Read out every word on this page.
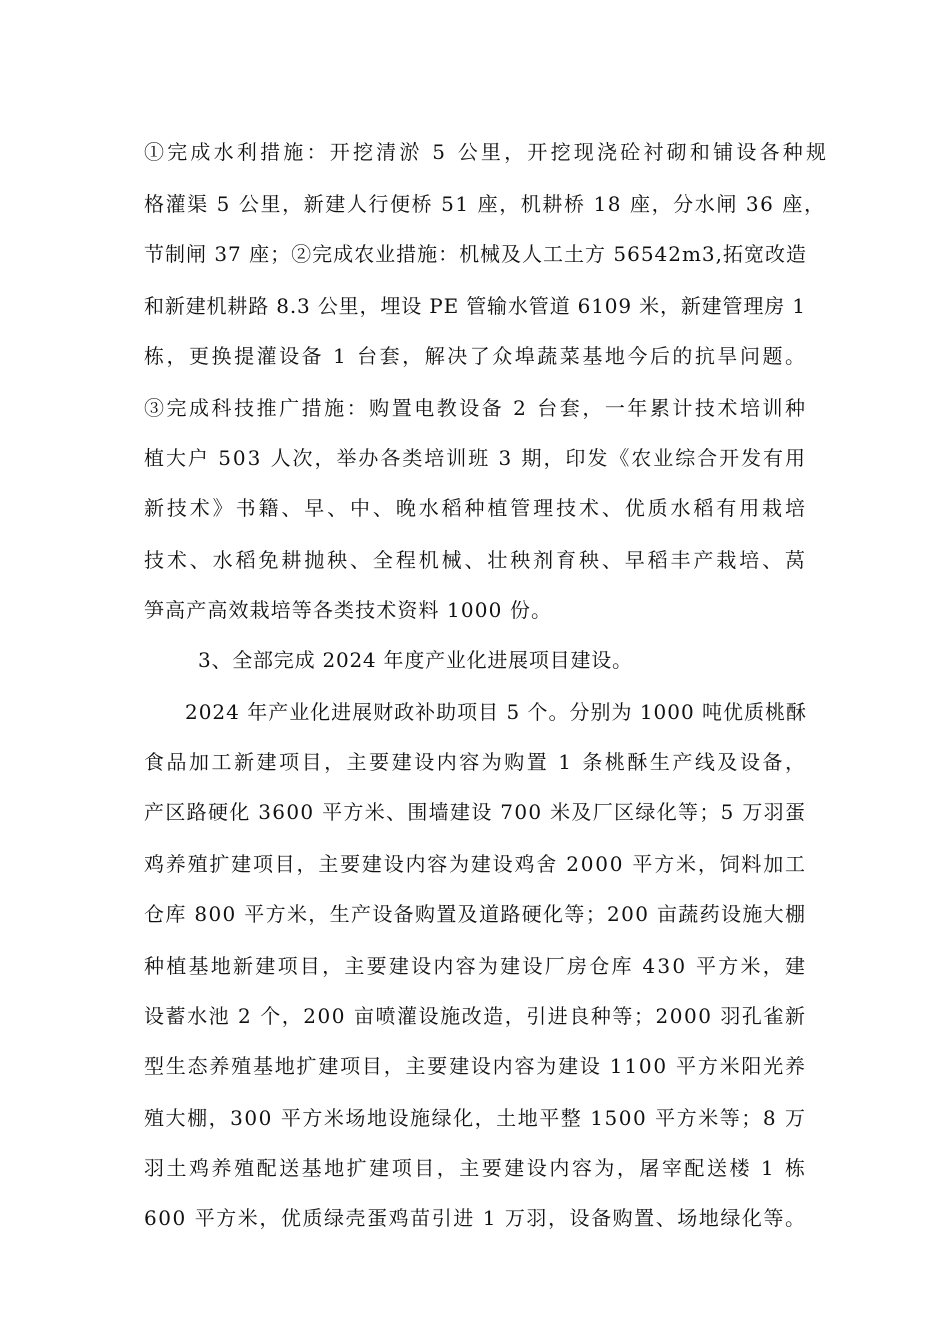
①完成水利措施：开挖清淤 5 公里，开挖现浇砼衬砌和铺设各种规
格灌渠 5 公里，新建人行便桥 51 座，机耕桥 18 座，分水闸 36 座，
节制闸 37 座；②完成农业措施：机械及人工土方 56542m3,拓宽改造
和新建机耕路 8.3 公里，埋设 PE 管输水管道 6109 米，新建管理房 1
栋，更换提灌设备 1 台套，解决了众埠蔬菜基地今后的抗旱问题。
③完成科技推广措施：购置电教设备 2 台套，一年累计技术培训种
植大户 503 人次，举办各类培训班 3 期，印发《农业综合开发有用
新技术》书籍、早、中、晚水稻种植管理技术、优质水稻有用栽培
技术、水稻免耕抛秧、全程机械、壮秧剂育秧、早稻丰产栽培、莴
笋高产高效栽培等各类技术资料 1000 份。
3、全部完成 2024 年度产业化进展项目建设。
2024 年产业化进展财政补助项目 5 个。分别为 1000 吨优质桃酥
食品加工新建项目，主要建设内容为购置 1 条桃酥生产线及设备，
产区路硬化 3600 平方米、围墙建设 700 米及厂区绿化等；5 万羽蛋
鸡养殖扩建项目，主要建设内容为建设鸡舍 2000 平方米，饲料加工
仓库 800 平方米，生产设备购置及道路硬化等；200 亩蔬药设施大棚
种植基地新建项目，主要建设内容为建设厂房仓库 430 平方米，建
设蓄水池 2 个，200 亩喷灌设施改造，引进良种等；2000 羽孔雀新
型生态养殖基地扩建项目，主要建设内容为建设 1100 平方米阳光养
殖大棚，300 平方米场地设施绿化，土地平整 1500 平方米等；8 万
羽土鸡养殖配送基地扩建项目，主要建设内容为，屠宰配送楼 1 栋
600 平方米，优质绿壳蛋鸡苗引进 1 万羽，设备购置、场地绿化等。
